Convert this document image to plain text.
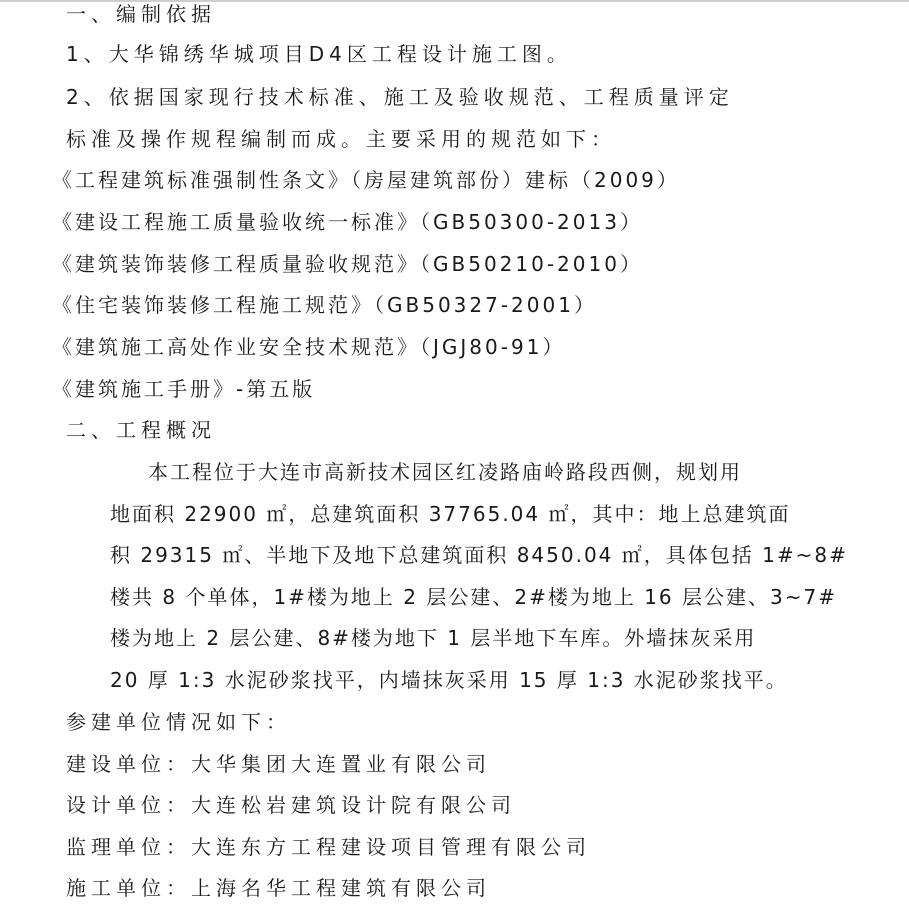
一、编制依据
1、大华锦绣华城项目D4区工程设计施工图。
2、依据国家现行技术标准、施工及验收规范、工程质量评定
标准及操作规程编制而成。主要采用的规范如下：
《工程建筑标准强制性条文》（房屋建筑部份）建标（2009）
《建设工程施工质量验收统一标准》（GB50300-2013）
《建筑装饰装修工程质量验收规范》（GB50210-2010）
《住宅装饰装修工程施工规范》（GB50327-2001）
《建筑施工高处作业安全技术规范》（JGJ80-91）
《建筑施工手册》-第五版
二、工程概况
本工程位于大连市高新技术园区红凌路庙岭路段西侧，规划用
地面积 22900 ㎡，总建筑面积 37765.04 ㎡，其中：地上总建筑面
积 29315 ㎡、半地下及地下总建筑面积 8450.04 ㎡，具体包括 1#~8#
楼共 8 个单体，1#楼为地上 2 层公建、2#楼为地上 16 层公建、3~7#
楼为地上 2 层公建、8#楼为地下 1 层半地下车库。外墙抹灰采用
20 厚 1:3 水泥砂浆找平，内墙抹灰采用 15 厚 1:3 水泥砂浆找平。
参建单位情况如下：
建设单位：大华集团大连置业有限公司
设计单位：大连松岩建筑设计院有限公司
监理单位：大连东方工程建设项目管理有限公司
施工单位：上海名华工程建筑有限公司
